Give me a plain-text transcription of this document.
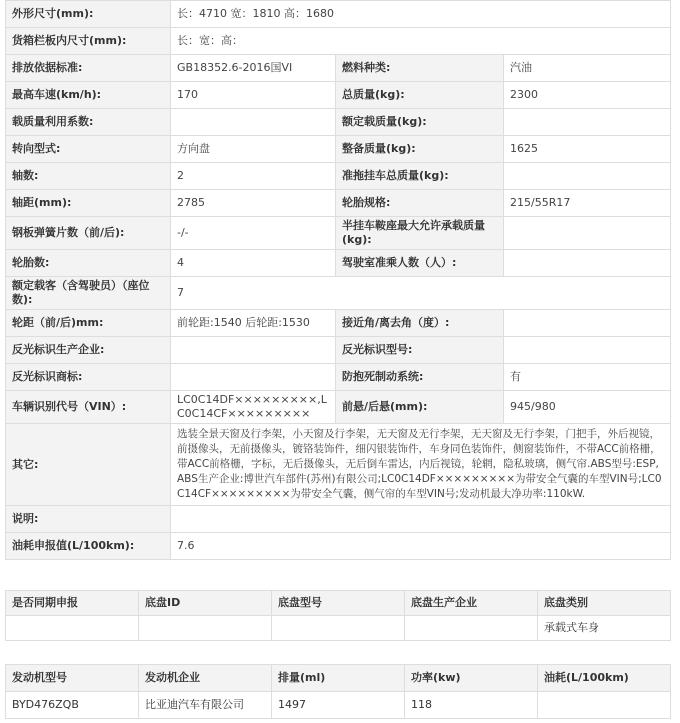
外形尺寸(mm):	长：4710 宽：1810 高：1680		
货箱栏板内尺寸(mm):	长：宽：高：		
排放依据标准:	GB18352.6-2016国VI	燃料种类:	汽油
最高车速(km/h):	170	总质量(kg):	2300
载质量利用系数:		额定载质量(kg):	
转向型式:	方向盘	整备质量(kg):	1625
轴数:	2	准拖挂车总质量(kg):	
轴距(mm):	2785	轮胎规格:	215/55R17
钢板弹簧片数（前/后):	-/-	半挂车鞍座最大允许承载质量(kg):	
轮胎数:	4	驾驶室准乘人数（人）:	
额定载客（含驾驶员）（座位数):	7		
轮距（前/后)mm:	前轮距:1540 后轮距:1530	接近角/离去角（度）:	
反光标识生产企业:		反光标识型号:	
反光标识商标:		防抱死制动系统:	有
车辆识别代号（VIN）:	LC0C14DF×××××××××,LC0C14CF×××××××××	前悬/后悬(mm):	945/980
其它:	选装全景天窗及行李架，小天窗及行李架，无天窗及无行李架，无天窗及无行李架，门把手，外后视镜，前摄像头，无前摄像头，镀铬装饰件，细闪银装饰件，车身同色装饰件，侧窗装饰件，不带ACC前格栅，带ACC前格栅，字标，无后摄像头，无后倒车雷达，内后视镜，轮辋，隐私玻璃，侧气帘.ABS型号:ESP,ABS生产企业:博世汽车部件(苏州)有限公司;LC0C14DF×××××××××为带安全气囊的车型VIN号;LC0C14CF×××××××××为带安全气囊，侧气帘的车型VIN号;发动机最大净功率:110kW.		
说明:			
油耗申报值(L/100km):	7.6		
是否同期申报	底盘ID	底盘型号	底盘生产企业	底盘类别
				承载式车身
发动机型号	发动机企业	排量(ml)	功率(kw)	油耗(L/100km)
BYD476ZQB	比亚迪汽车有限公司	1497	118	
